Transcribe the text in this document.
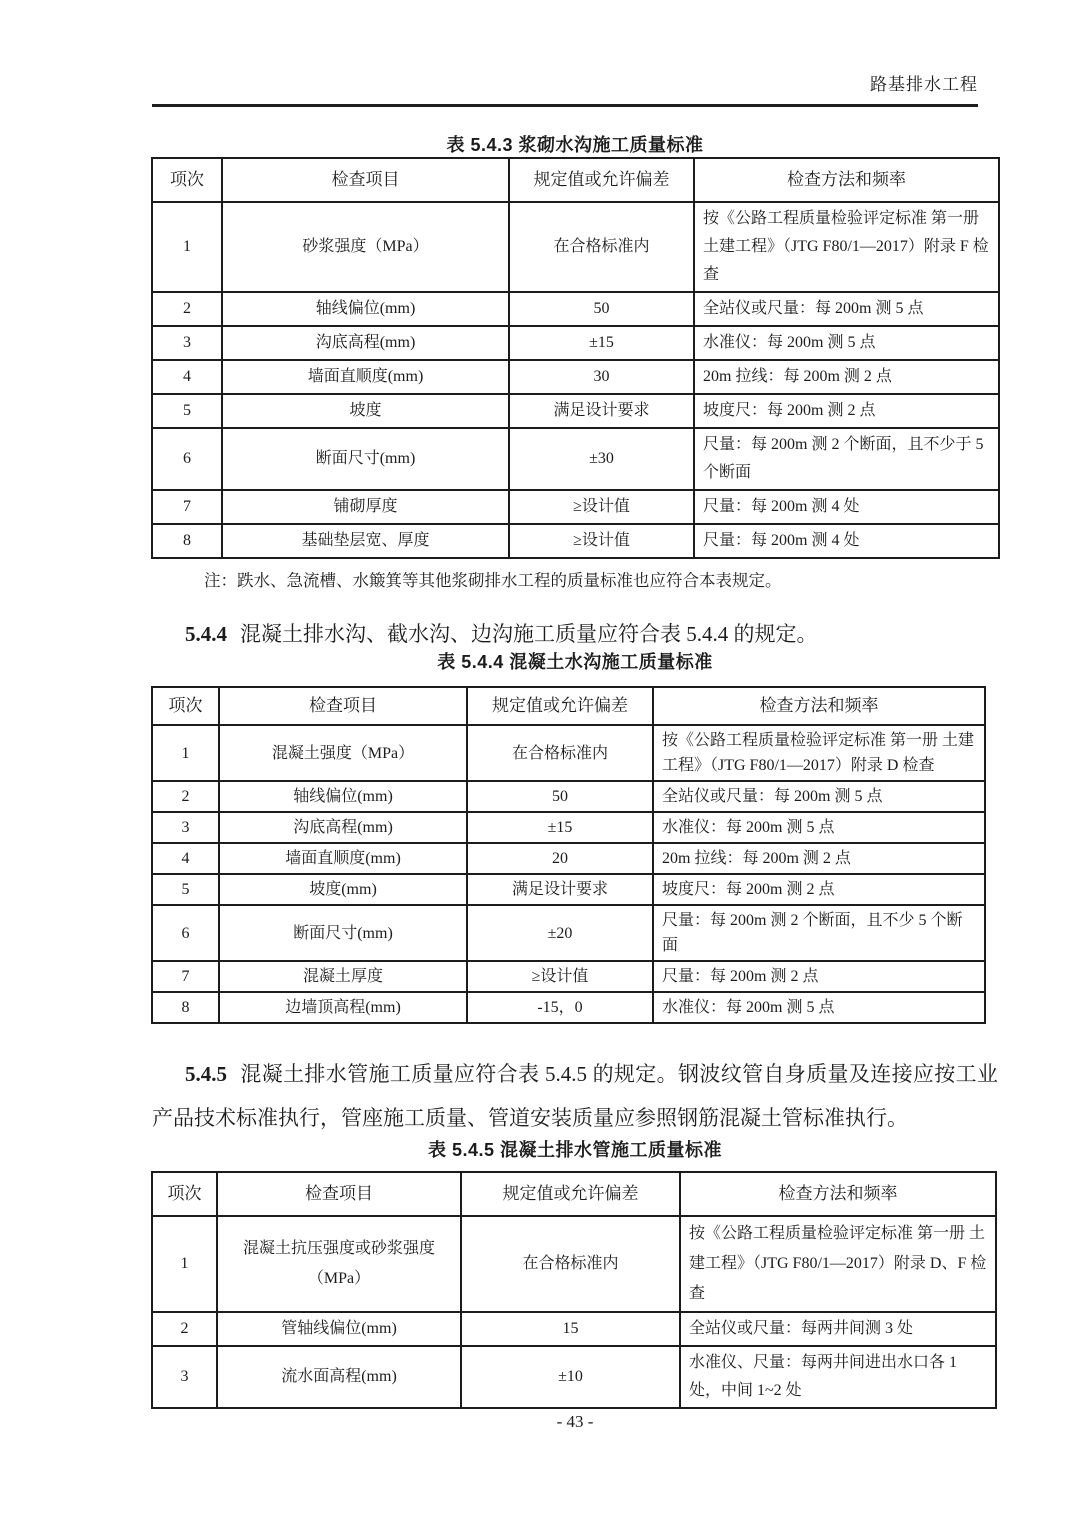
路基排水工程
表 5.4.3 浆砌水沟施工质量标准
项次	检查项目	规定值或允许偏差	检查方法和频率
1	砂浆强度（MPa）	在合格标准内	按《公路工程质量检验评定标准 第一册 土建工程》（JTG F80/1—2017）附录 F 检查
2	轴线偏位(mm)	50	全站仪或尺量：每 200m 测 5 点
3	沟底高程(mm)	±15	水准仪：每 200m 测 5 点
4	墙面直顺度(mm)	30	20m 拉线：每 200m 测 2 点
5	坡度	满足设计要求	坡度尺：每 200m 测 2 点
6	断面尺寸(mm)	±30	尺量：每 200m 测 2 个断面，且不少于 5 个断面
7	铺砌厚度	≥设计值	尺量：每 200m 测 4 处
8	基础垫层宽、厚度	≥设计值	尺量：每 200m 测 4 处
注：跌水、急流槽、水簸箕等其他浆砌排水工程的质量标准也应符合本表规定。

5.4.4 混凝土排水沟、截水沟、边沟施工质量应符合表 5.4.4 的规定。

表 5.4.4 混凝土水沟施工质量标准
项次	检查项目	规定值或允许偏差	检查方法和频率
1	混凝土强度（MPa）	在合格标准内	按《公路工程质量检验评定标准 第一册 土建工程》（JTG F80/1—2017）附录 D 检查
2	轴线偏位(mm)	50	全站仪或尺量：每 200m 测 5 点
3	沟底高程(mm)	±15	水准仪：每 200m 测 5 点
4	墙面直顺度(mm)	20	20m 拉线：每 200m 测 2 点
5	坡度(mm)	满足设计要求	坡度尺：每 200m 测 2 点
6	断面尺寸(mm)	±20	尺量：每 200m 测 2 个断面，且不少 5 个断面
7	混凝土厚度	≥设计值	尺量：每 200m 测 2 点
8	边墙顶高程(mm)	-15，0	水准仪：每 200m 测 5 点

5.4.5 混凝土排水管施工质量应符合表 5.4.5 的规定。钢波纹管自身质量及连接应按工业产品技术标准执行，管座施工质量、管道安装质量应参照钢筋混凝土管标准执行。

表 5.4.5 混凝土排水管施工质量标准
项次	检查项目	规定值或允许偏差	检查方法和频率
1	混凝土抗压强度或砂浆强度（MPa）	在合格标准内	按《公路工程质量检验评定标准 第一册 土建工程》（JTG F80/1—2017）附录 D、F 检查
2	管轴线偏位(mm)	15	全站仪或尺量：每两井间测 3 处
3	流水面高程(mm)	±10	水准仪、尺量：每两井间进出水口各 1 处，中间 1~2 处
- 43 -
